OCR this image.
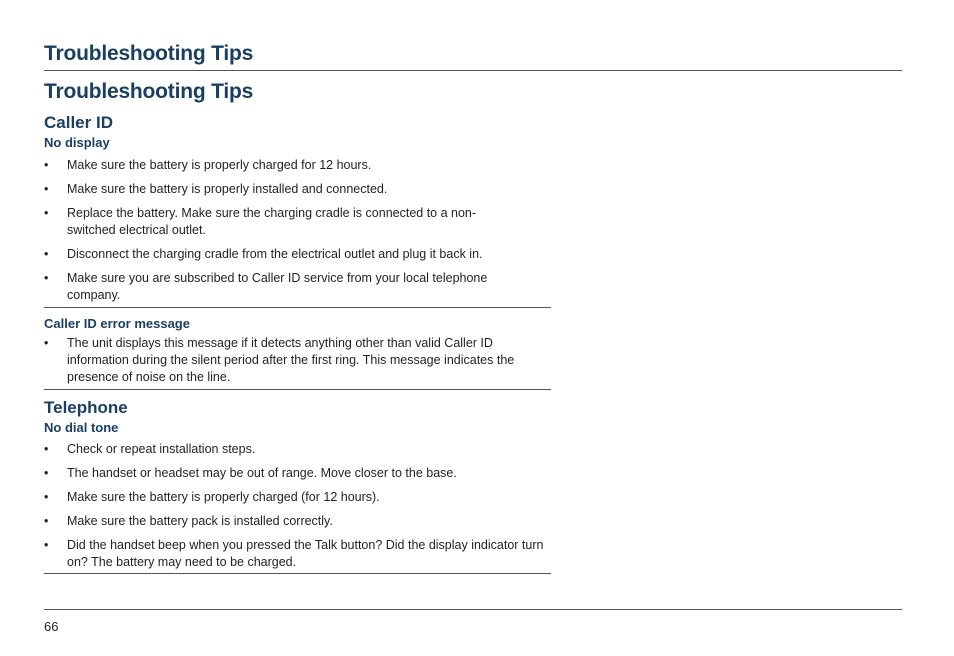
Troubleshooting Tips
Troubleshooting Tips
Caller ID
No display
•	Make sure the battery is properly charged for 12 hours.
•	Make sure the battery is properly installed and connected.
•	Replace the battery. Make sure the charging cradle is connected to a non-switched electrical outlet.
•	Disconnect the charging cradle from the electrical outlet and plug it back in.
•	Make sure you are subscribed to Caller ID service from your local telephone company.
Caller ID error message
•	The unit displays this message if it detects anything other than valid Caller ID information during the silent period after the first ring. This message indicates the presence of noise on the line.
Telephone
No dial tone
•	Check or repeat installation steps.
•	The handset or headset may be out of range. Move closer to the base.
•	Make sure the battery is properly charged (for 12 hours).
•	Make sure the battery pack is installed correctly.
•	Did the handset beep when you pressed the Talk button? Did the display indicator turn on? The battery may need to be charged.
66
